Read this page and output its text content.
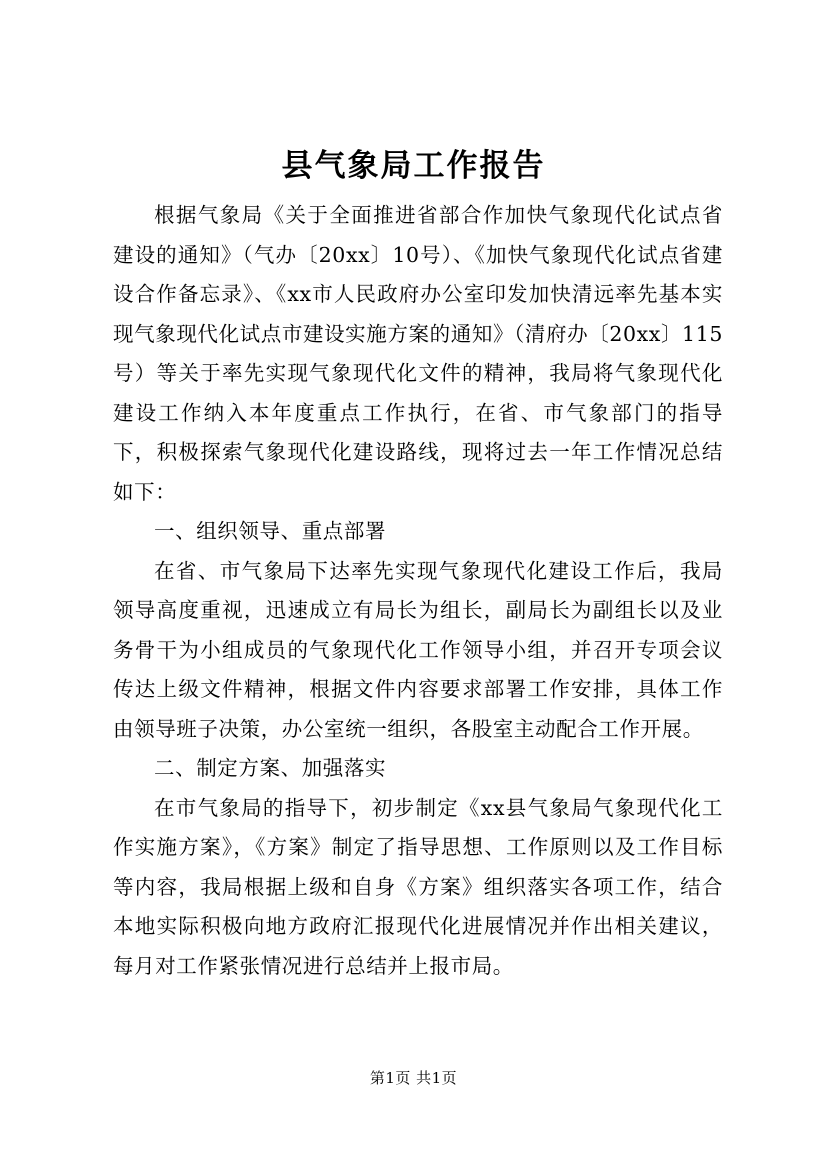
县气象局工作报告

根据气象局《关于全面推进省部合作加快气象现代化试点省建设的通知》（气办〔20xx〕10号）、《加快气象现代化试点省建设合作备忘录》、《xx市人民政府办公室印发加快清远率先基本实现气象现代化试点市建设实施方案的通知》（清府办〔20xx〕115号）等关于率先实现气象现代化文件的精神，我局将气象现代化建设工作纳入本年度重点工作执行，在省、市气象部门的指导下，积极探索气象现代化建设路线，现将过去一年工作情况总结如下：

一、组织领导、重点部署

在省、市气象局下达率先实现气象现代化建设工作后，我局领导高度重视，迅速成立有局长为组长，副局长为副组长以及业务骨干为小组成员的气象现代化工作领导小组，并召开专项会议传达上级文件精神，根据文件内容要求部署工作安排，具体工作由领导班子决策，办公室统一组织，各股室主动配合工作开展。

二、制定方案、加强落实

在市气象局的指导下，初步制定《xx县气象局气象现代化工作实施方案》，《方案》制定了指导思想、工作原则以及工作目标等内容，我局根据上级和自身《方案》组织落实各项工作，结合本地实际积极向地方政府汇报现代化进展情况并作出相关建议，每月对工作紧张情况进行总结并上报市局。

第1页 共1页
